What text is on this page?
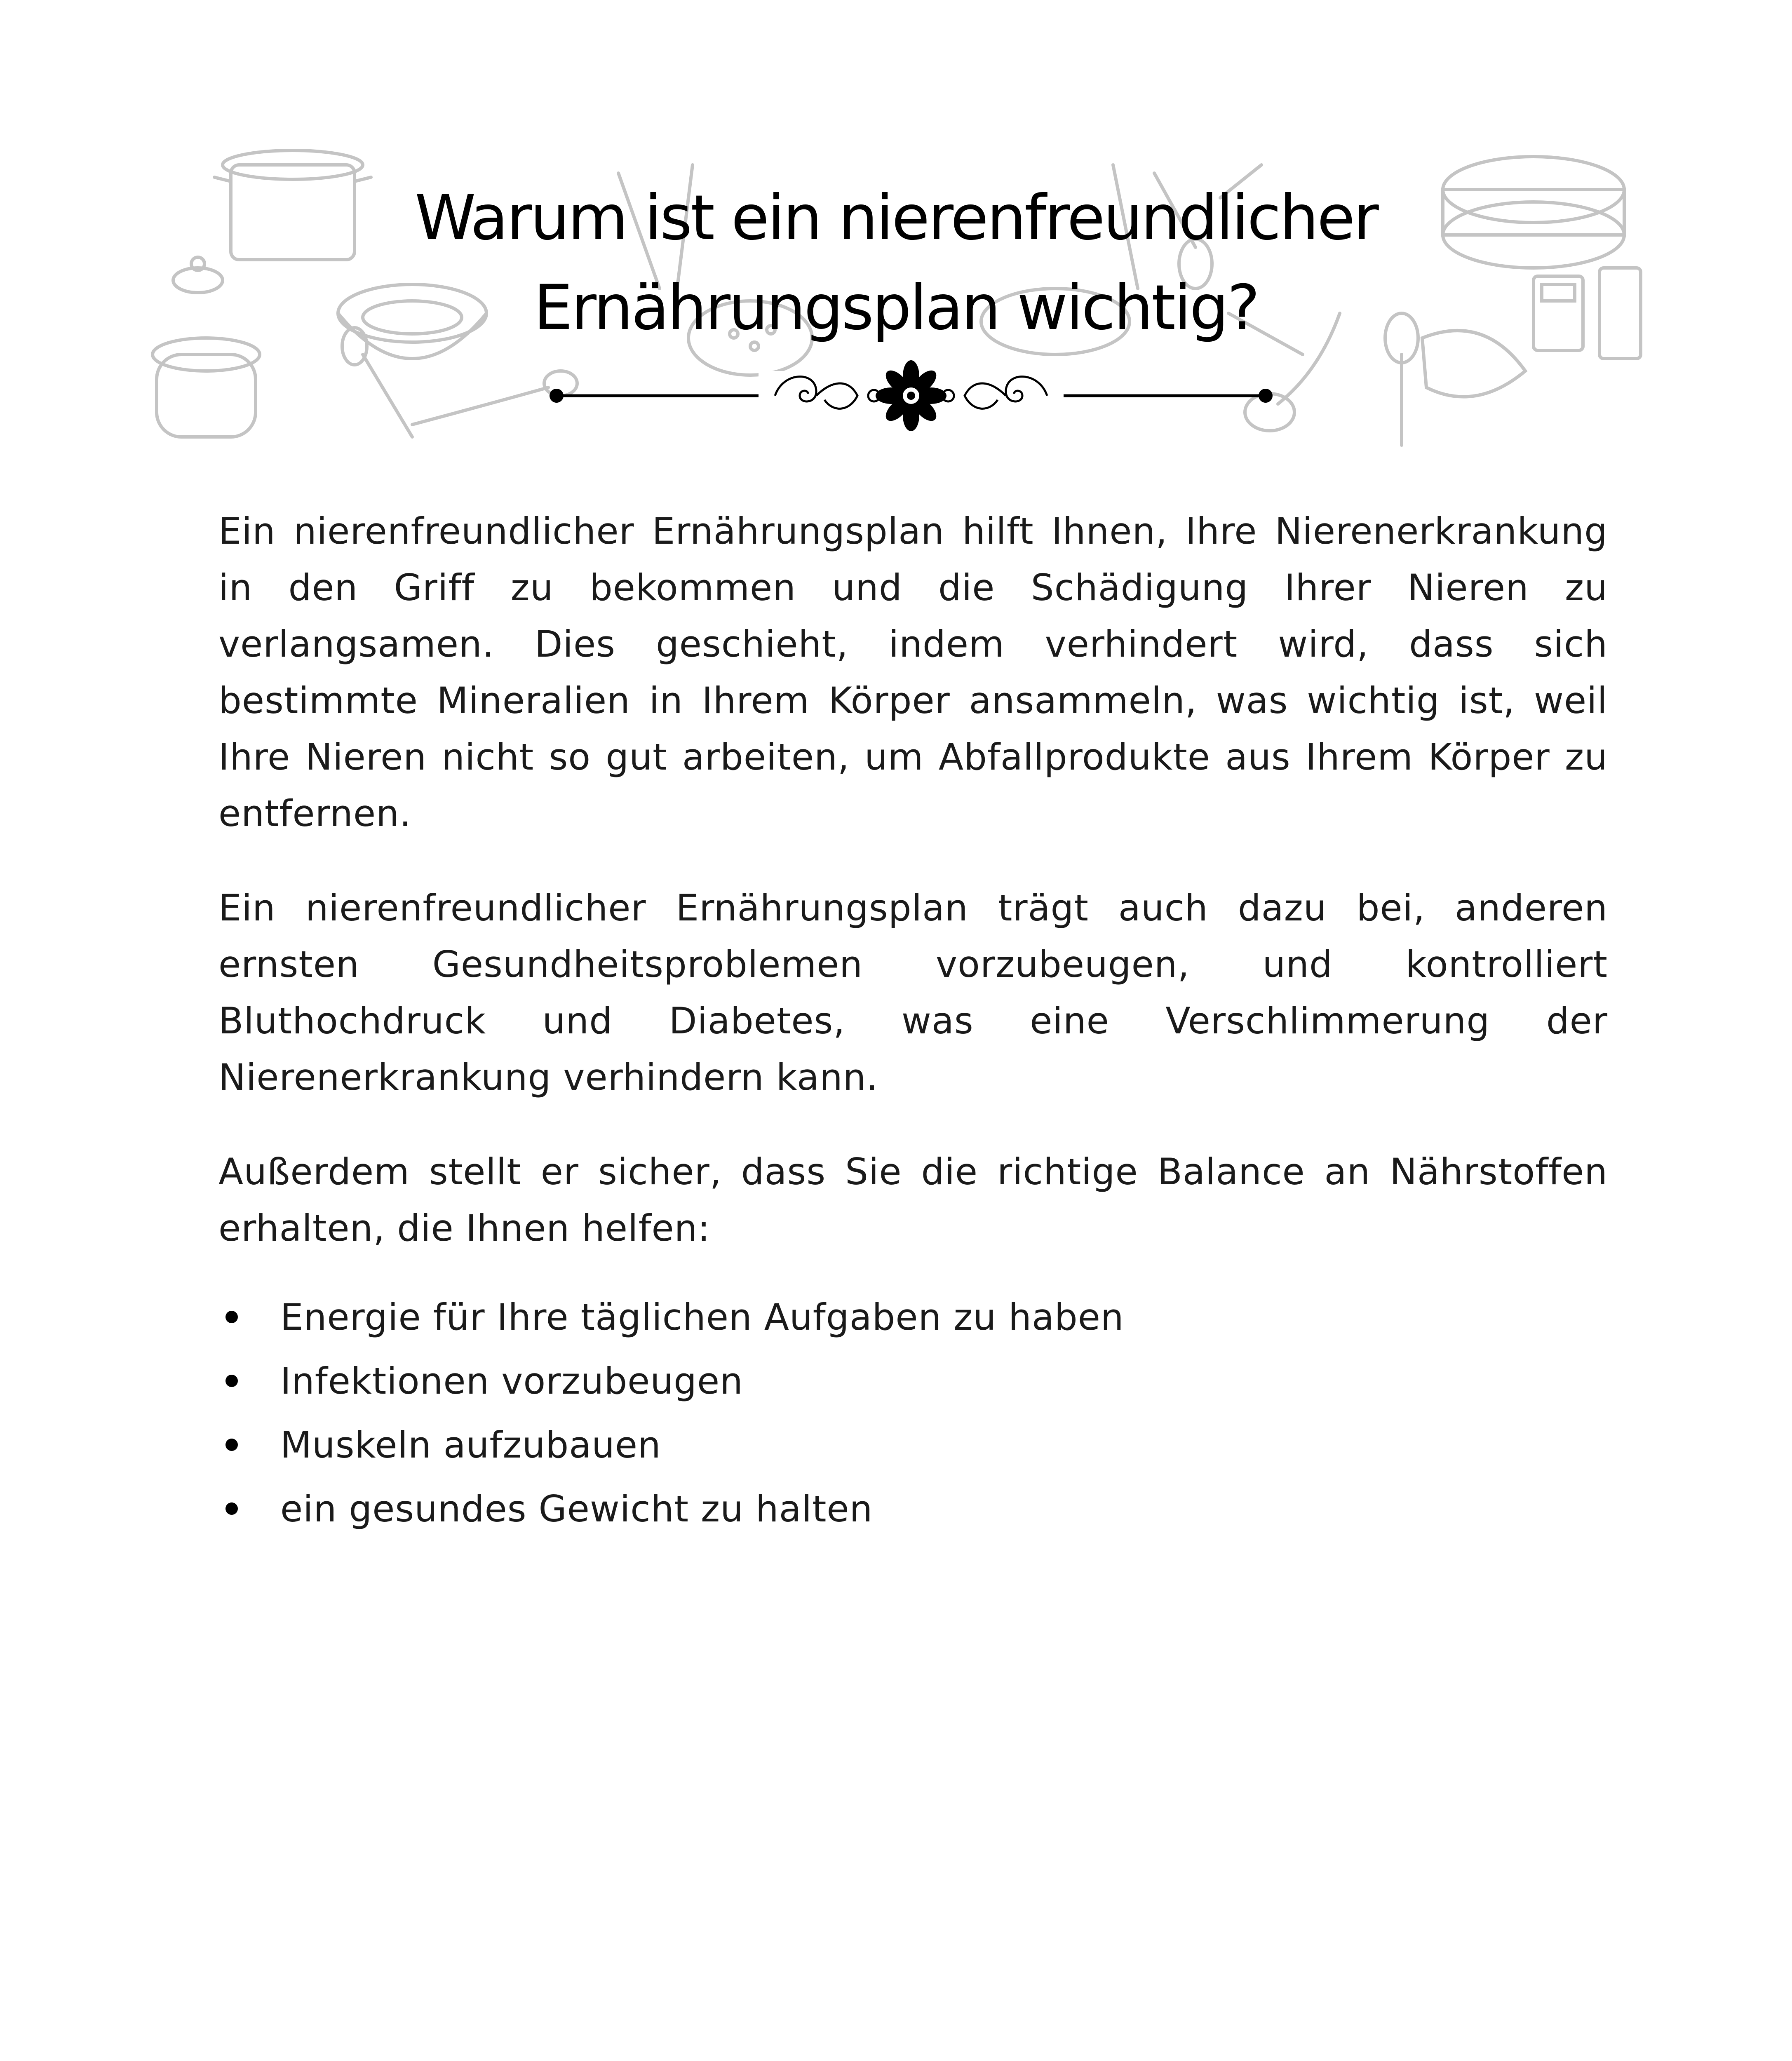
Warum ist ein nierenfreundlicher
Ernährungsplan wichtig?

Ein nierenfreundlicher Ernährungsplan hilft Ihnen, Ihre Nierenerkrankung in den Griff zu bekommen und die Schädigung Ihrer Nieren zu verlangsamen. Dies geschieht, indem verhindert wird, dass sich bestimmte Mineralien in Ihrem Körper ansammeln, was wichtig ist, weil Ihre Nieren nicht so gut arbeiten, um Abfallprodukte aus Ihrem Körper zu entfernen.

Ein nierenfreundlicher Ernährungsplan trägt auch dazu bei, anderen ernsten Gesundheitsproblemen vorzubeugen, und kontrolliert Bluthochdruck und Diabetes, was eine Verschlimmerung der Nierenerkrankung verhindern kann.

Außerdem stellt er sicher, dass Sie die richtige Balance an Nährstoffen erhalten, die Ihnen helfen:

Energie für Ihre täglichen Aufgaben zu haben
Infektionen vorzubeugen
Muskeln aufzubauen
ein gesundes Gewicht zu halten
